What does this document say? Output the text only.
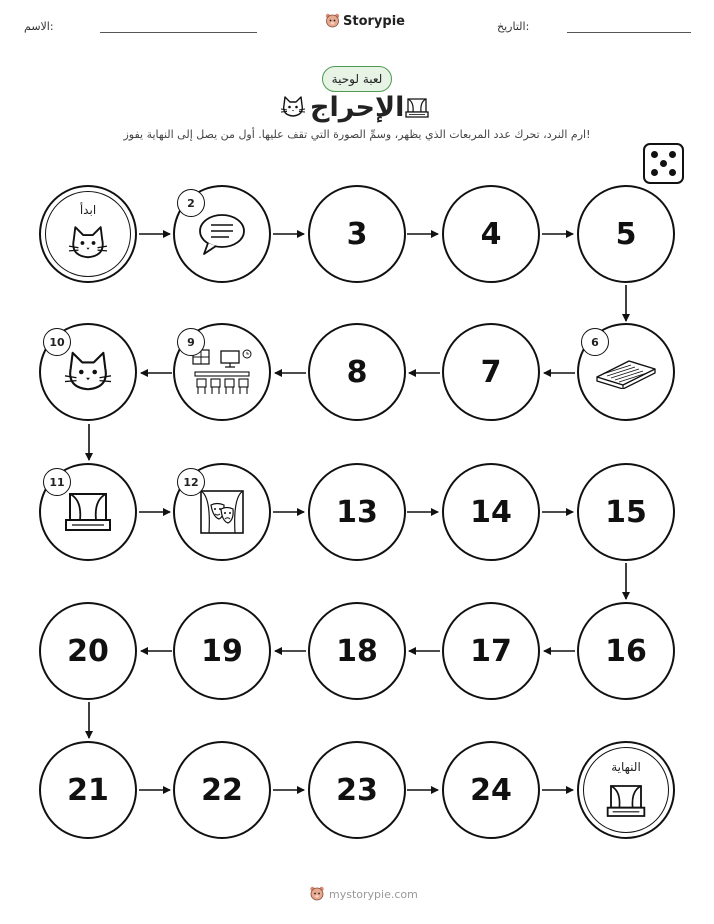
الاسم:	Storypie	التاريخ:
لعبة لوحية
الإحراج
ارم النرد، تحرك عدد المربعات الذي يظهر، وسمِّ الصورة التي تقف عليها. أول من يصل إلى النهاية يفوز!
ابدأ	2
3	4	5
10	9
8	7
6
11	12
13	14	15
20	19	18	17	16
21	22	23	24
النهاية
mystorypie.com
